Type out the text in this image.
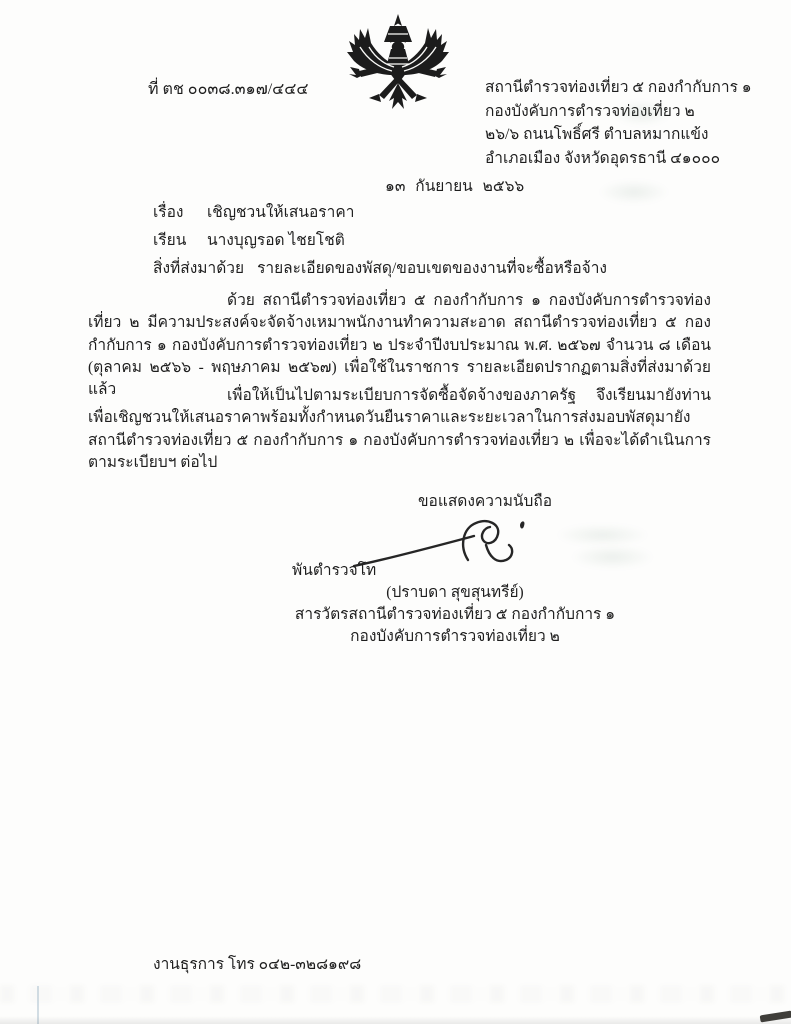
ที่ ตช ๐๐๓๘.๓๑๗/๔๔๔	สถานีตำรวจท่องเที่ยว ๕ กองกำกับการ ๑
กองบังคับการตำรวจท่องเที่ยว ๒
๒๖/๖ ถนนโพธิ์ศรี ตำบลหมากแข้ง
อำเภอเมือง จังหวัดอุดรธานี ๔๑๐๐๐
๑๓ กันยายน ๒๕๖๖
เรื่อง	เชิญชวนให้เสนอราคา
เรียน	นางบุญรอด ไชยโชติ
สิ่งที่ส่งมาด้วย รายละเอียดของพัสดุ/ขอบเขตของงานที่จะซื้อหรือจ้าง
ด้วย สถานีตำรวจท่องเที่ยว ๕ กองกำกับการ ๑ กองบังคับการตำรวจท่องเที่ยว ๒ มีความ​ประสงค์​จะจัดจ้างเหมา​พนักงาน​ทำความสะอาด สถานีตำรวจท่องเที่ยว ๕ กองกำกับการ ๑ กองบังคับการ​ตำรวจท่องเที่ยว ๒ ประจำปีงบประมาณ พ.ศ. ๒๕๖๗ จำนวน ๘ เดือน (ตุลาคม ๒๕๖๖ - พฤษภาคม ๒๕๖๗) เพื่อใช้ใน​ราชการ รายละเอียด​ปรากฏ​ตาม​สิ่งที่ส่งมาด้วย​แล้ว	เพื่อให้เป็นไป​ตาม​ระเบียบ​การจัดซื้อจัดจ้าง​ของ​ภาครัฐ จึงเรียนมายังท่าน​เพื่อเชิญชวน​ให้เสนอ​ราคา​พร้อมทั้ง​กำหนด​วันยืนราคา​และ​ระยะเวลา​ใน​การส่งมอบ​พัสดุ​มายัง สถานีตำรวจท่องเที่ยว ๕ กองกำกับการ ๑ กองบังคับการ​ตำรวจท่องเที่ยว ๒ เพื่อจะได้​ดำเนินการ​ตาม​ระเบียบฯ ต่อไป
ขอแสดงความนับถือ
พันตำรวจโท
(ปราบดา สุขสุนทรีย์)
สารวัตรสถานีตำรวจท่องเที่ยว ๕ กองกำกับการ ๑
กองบังคับการตำรวจท่องเที่ยว ๒
งานธุรการ โทร ๐๔๒-๓๒๘๑๙๘
